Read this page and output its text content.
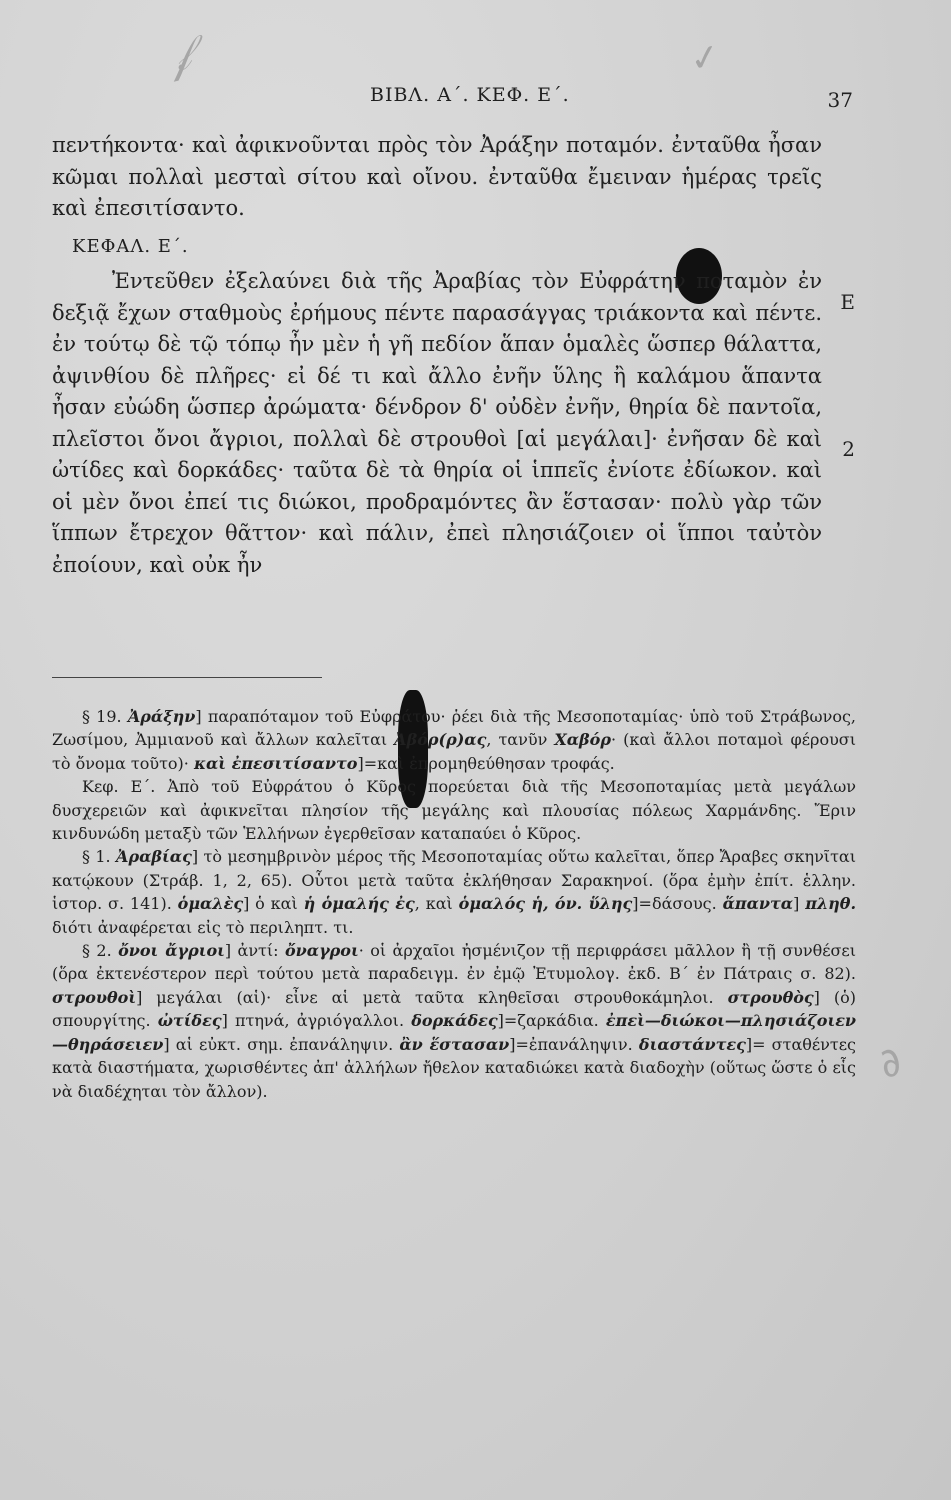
𝒻	✓
∂
ΒΙΒΛ. Α΄. ΚΕΦ. Ε΄.	37

πεντήκοντα· καὶ ἀφικνοῦνται πρὸς τὸν Ἀράξην ποταμόν. ἐνταῦθα ἦσαν κῶμαι πολλαὶ μεσταὶ σίτου καὶ οἴνου. ἐνταῦθα ἔμειναν ἡμέρας τρεῖς καὶ ἐπεσιτίσαντο.

ΚΕΦΑΛ. Ε΄.

Ἐντεῦθεν ἐξελαύνει διὰ τῆς Ἀραβίας τὸν Εὐφράτην ποταμὸν ἐν δεξιᾷ ἔχων σταθμοὺς ἐρήμους πέντε παρασάγγας τριάκοντα καὶ πέντε. ἐν τούτῳ δὲ τῷ τόπῳ ἦν μὲν ἡ γῆ πεδίον ἅπαν ὁμαλὲς ὥσπερ θάλαττα, ἀψινθίου δὲ πλῆρες· εἰ δέ τι καὶ ἄλλο ἐνῆν ὕλης ἢ καλάμου ἅπαντα ἦσαν εὐώδη ὥσπερ ἀρώματα· δένδρον δ' οὐδὲν ἐνῆν, θηρία δὲ παντοῖα, πλεῖστοι ὄνοι ἄγριοι, πολλαὶ δὲ στρουθοὶ [αἱ μεγάλαι]· ἐνῆσαν δὲ καὶ ὠτίδες καὶ δορκάδες· ταῦτα δὲ τὰ θηρία οἱ ἱππεῖς ἐνίοτε ἐδίωκον. καὶ οἱ μὲν ὄνοι ἐπεί τις διώκοι, προδραμόντες ἂν ἕστασαν· πολὺ γὰρ τῶν ἵππων ἔτρεχον θᾶττον· καὶ πάλιν, ἐπεὶ πλησιάζοιεν οἱ ἵπποι ταὐτὸν ἐποίουν, καὶ οὐκ ἦν

Ε
2

§ 19. Ἀράξην] παραπόταμον τοῦ Εὐφράτου· ῥέει διὰ τῆς Μεσοποταμίας· ὑπὸ τοῦ Στράβωνος, Ζωσίμου, Ἀμμιανοῦ καὶ ἄλλων καλεῖται Ἀβόρ(ρ)ας, τανῦν Χαβόρ· (καὶ ἄλλοι ποταμοὶ φέρουσι τὸ ὄνομα τοῦτο)· καὶ ἐπεσιτίσαντο]=καὶ ἐπρομηθεύθησαν τροφάς.

Κεφ. Ε΄. Ἀπὸ τοῦ Εὐφράτου ὁ Κῦρος πορεύεται διὰ τῆς Μεσοποταμίας μετὰ μεγάλων δυσχερειῶν καὶ ἀφικνεῖται πλησίον τῆς μεγάλης καὶ πλουσίας πόλεως Χαρμάνδης. Ἔριν κινδυνώδη μεταξὺ τῶν Ἑλλήνων ἐγερθεῖσαν καταπαύει ὁ Κῦρος.

§ 1. Ἀραβίας] τὸ μεσημβρινὸν μέρος τῆς Μεσοποταμίας οὕτω καλεῖται, ὅπερ Ἄραβες σκηνῖται κατῴκουν (Στράβ. 1, 2, 65). Οὗτοι μετὰ ταῦτα ἐκλήθησαν Σαρακηνοί. (ὅρα ἐμὴν ἐπίτ. ἑλλην. ἱστορ. σ. 141). ὁμαλὲς] ὁ καὶ ἡ ὁμαλής ἐς, καὶ ὁμαλός ἡ, όν. ὕλης]=δάσους. ἅπαντα] πληθ. διότι ἀναφέρεται εἰς τὸ περιληπτ. τι.

§ 2. ὄνοι ἄγριοι] ἀντί: ὄναγροι· οἱ ἀρχαῖοι ἠσμένιζον τῇ περιφράσει μᾶλλον ἢ τῇ συνθέσει (ὅρα ἐκτενέστερον περὶ τούτου μετὰ παραδειγμ. ἐν ἐμῷ Ἐτυμολογ. ἐκδ. Β΄ ἐν Πάτραις σ. 82). στρουθοὶ] μεγάλαι (αἱ)· εἶνε αἱ μετὰ ταῦτα κληθεῖσαι στρουθοκάμηλοι. στρουθὸς] (ὁ) σπουργίτης. ὠτίδες] πτηνά, ἀγριόγαλλοι. δορκάδες]=ζαρκάδια. ἐπεὶ—διώκοι—πλησιάζοιεν—θηράσειεν] αἱ εὐκτ. σημ. ἐπανάληψιν. ἂν ἕστασαν]=ἐπανάληψιν. διαστάντες]= σταθέντες κατὰ διαστήματα, χωρισθέντες ἀπ' ἀλλήλων ἤθελον καταδιώκει κατὰ διαδοχὴν (οὕτως ὥστε ὁ εἷς νὰ διαδέχηται τὸν ἄλλον).
